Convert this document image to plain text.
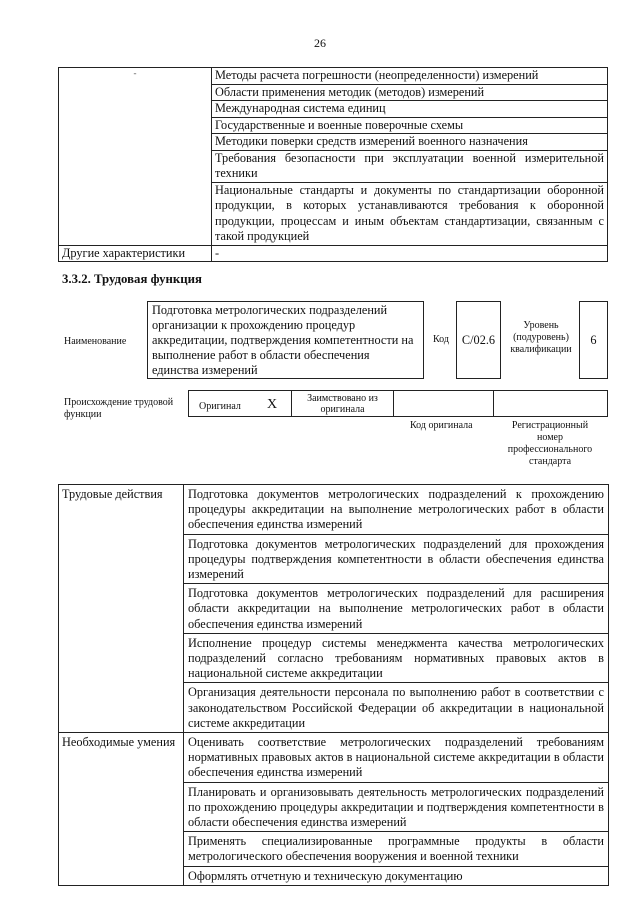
26
-	Методы расчета погрешности (неопределенности) измерений
	Области применения методик (методов) измерений
	Международная система единиц
	Государственные и военные поверочные схемы
	Методики поверки средств измерений военного назначения
	Требования безопасности при эксплуатации военной измерительной техники
	Национальные стандарты и документы по стандартизации оборонной продукции, в которых устанавливаются требования к оборонной продукции, процессам и иным объектам стандартизации, связанным с такой продукцией
Другие характеристики	-
3.3.2. Трудовая функция
Наименование
Подготовка метрологических подразделений организации к прохождению процедур аккредитации, подтверждения компетентности на выполнение работ в области обеспечения единства измерений
Код C/02.6
Уровень (подуровень) квалификации
6
Происхождение трудовой функции
Оригинал X	Заимствовано из оригинала
Код оригинала	Регистрационный номер профессионального стандарта
Трудовые действия	Подготовка документов метрологических подразделений к прохождению процедуры аккредитации на выполнение метрологических работ в области обеспечения единства измерений
	Подготовка документов метрологических подразделений для прохождения процедуры подтверждения компетентности в области обеспечения единства измерений
	Подготовка документов метрологических подразделений для расширения области аккредитации на выполнение метрологических работ в области обеспечения единства измерений
	Исполнение процедур системы менеджмента качества метрологических подразделений согласно требованиям нормативных правовых актов в национальной системе аккредитации
	Организация деятельности персонала по выполнению работ в соответствии с законодательством Российской Федерации об аккредитации в национальной системе аккредитации
Необходимые умения	Оценивать соответствие метрологических подразделений требованиям нормативных правовых актов в национальной системе аккредитации в области обеспечения единства измерений
	Планировать и организовывать деятельность метрологических подразделений по прохождению процедуры аккредитации и подтверждения компетентности в области обеспечения единства измерений
	Применять специализированные программные продукты в области метрологического обеспечения вооружения и военной техники
	Оформлять отчетную и техническую документацию
